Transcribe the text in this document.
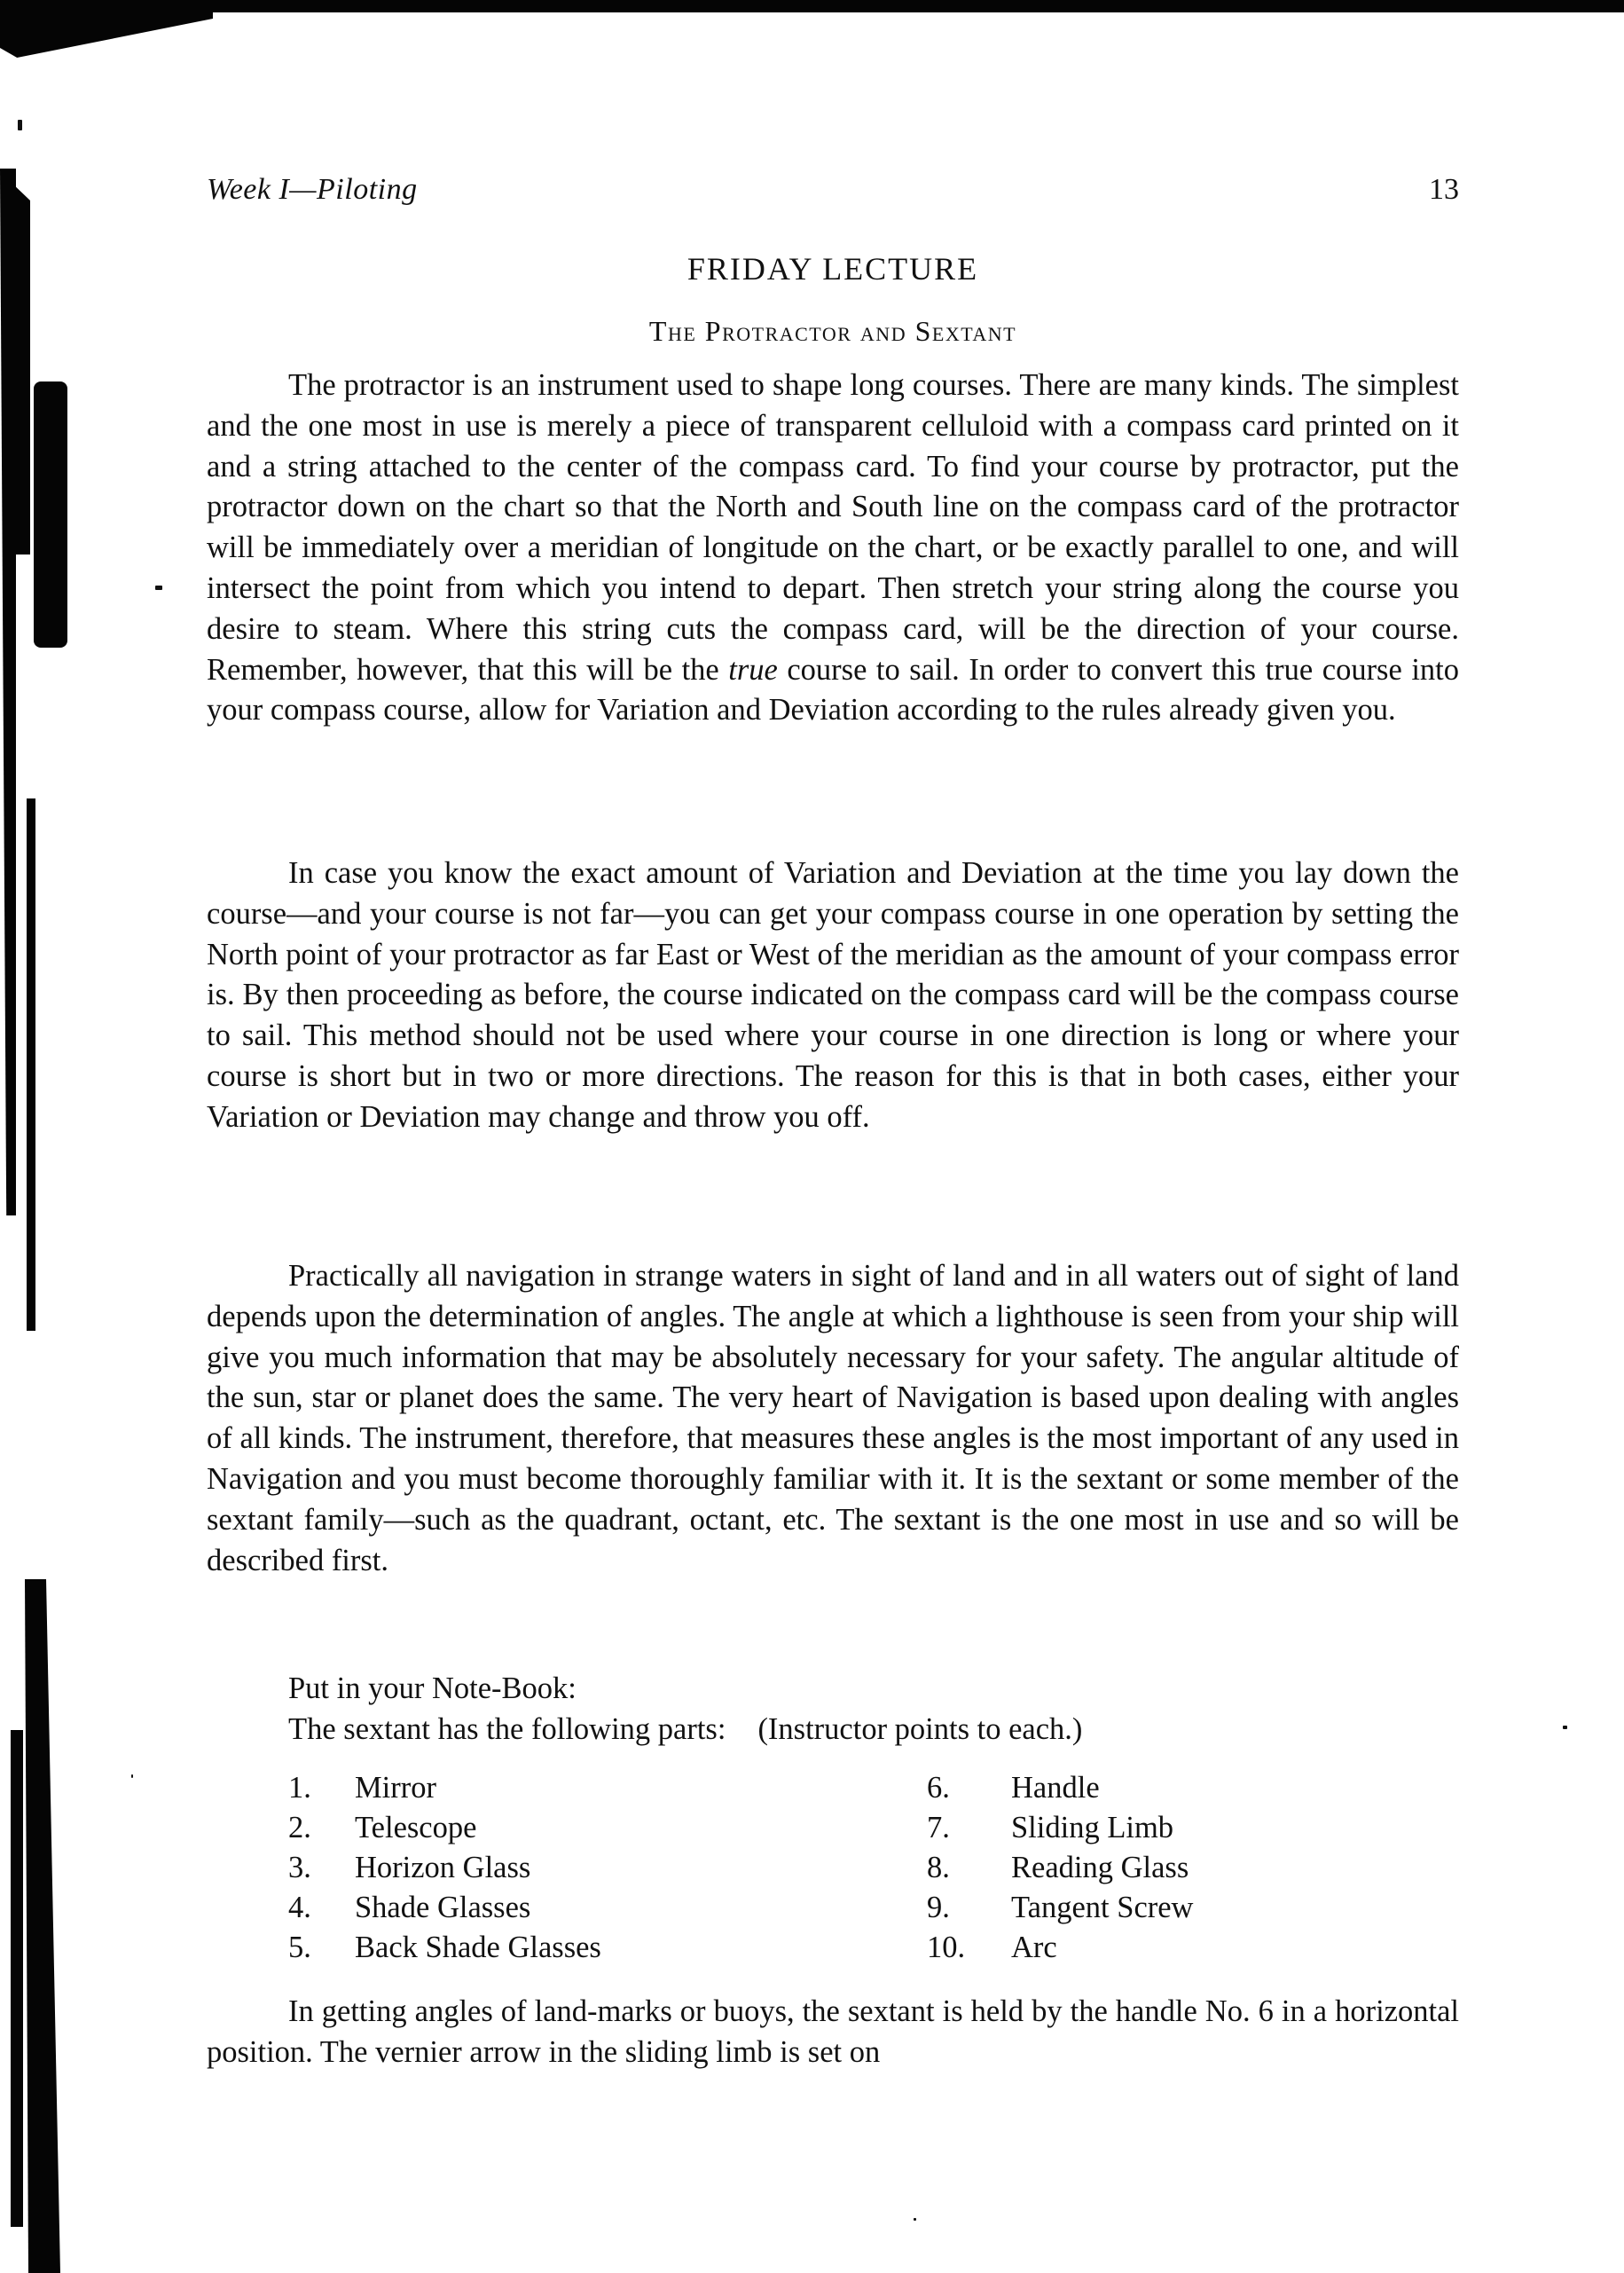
Week I—Piloting	13
FRIDAY LECTURE
The Protractor and Sextant

The protractor is an instrument used to shape long courses. There are many kinds. The simplest and the one most in use is merely a piece of transparent celluloid with a compass card printed on it and a string attached to the center of the compass card. To find your course by protractor, put the protractor down on the chart so that the North and South line on the compass card of the protractor will be immediately over a meridian of longitude on the chart, or be exactly parallel to one, and will intersect the point from which you intend to depart. Then stretch your string along the course you desire to steam. Where this string cuts the compass card, will be the direction of your course. Remember, however, that this will be the true course to sail. In order to convert this true course into your compass course, allow for Variation and Deviation according to the rules already given you.

In case you know the exact amount of Variation and Deviation at the time you lay down the course—and your course is not far—you can get your compass course in one operation by setting the North point of your protractor as far East or West of the meridian as the amount of your compass error is. By then proceeding as before, the course indicated on the compass card will be the compass course to sail. This method should not be used where your course in one direction is long or where your course is short but in two or more directions. The reason for this is that in both cases, either your Variation or Deviation may change and throw you off.

Practically all navigation in strange waters in sight of land and in all waters out of sight of land depends upon the determination of angles. The angle at which a lighthouse is seen from your ship will give you much information that may be absolutely necessary for your safety. The angular altitude of the sun, star or planet does the same. The very heart of Navigation is based upon dealing with angles of all kinds. The instrument, therefore, that measures these angles is the most important of any used in Navigation and you must become thoroughly familiar with it. It is the sextant or some member of the sextant family—such as the quadrant, octant, etc. The sextant is the one most in use and so will be described first.

Put in your Note-Book:
The sextant has the following parts: (Instructor points to each.)
1.	Mirror
2.	Telescope
3.	Horizon Glass
4.	Shade Glasses
5.	Back Shade Glasses
6.	Handle
7.	Sliding Limb
8.	Reading Glass
9.	Tangent Screw
10.	Arc

In getting angles of land-marks or buoys, the sextant is held by the handle No. 6 in a horizontal position. The vernier arrow in the sliding limb is set on
